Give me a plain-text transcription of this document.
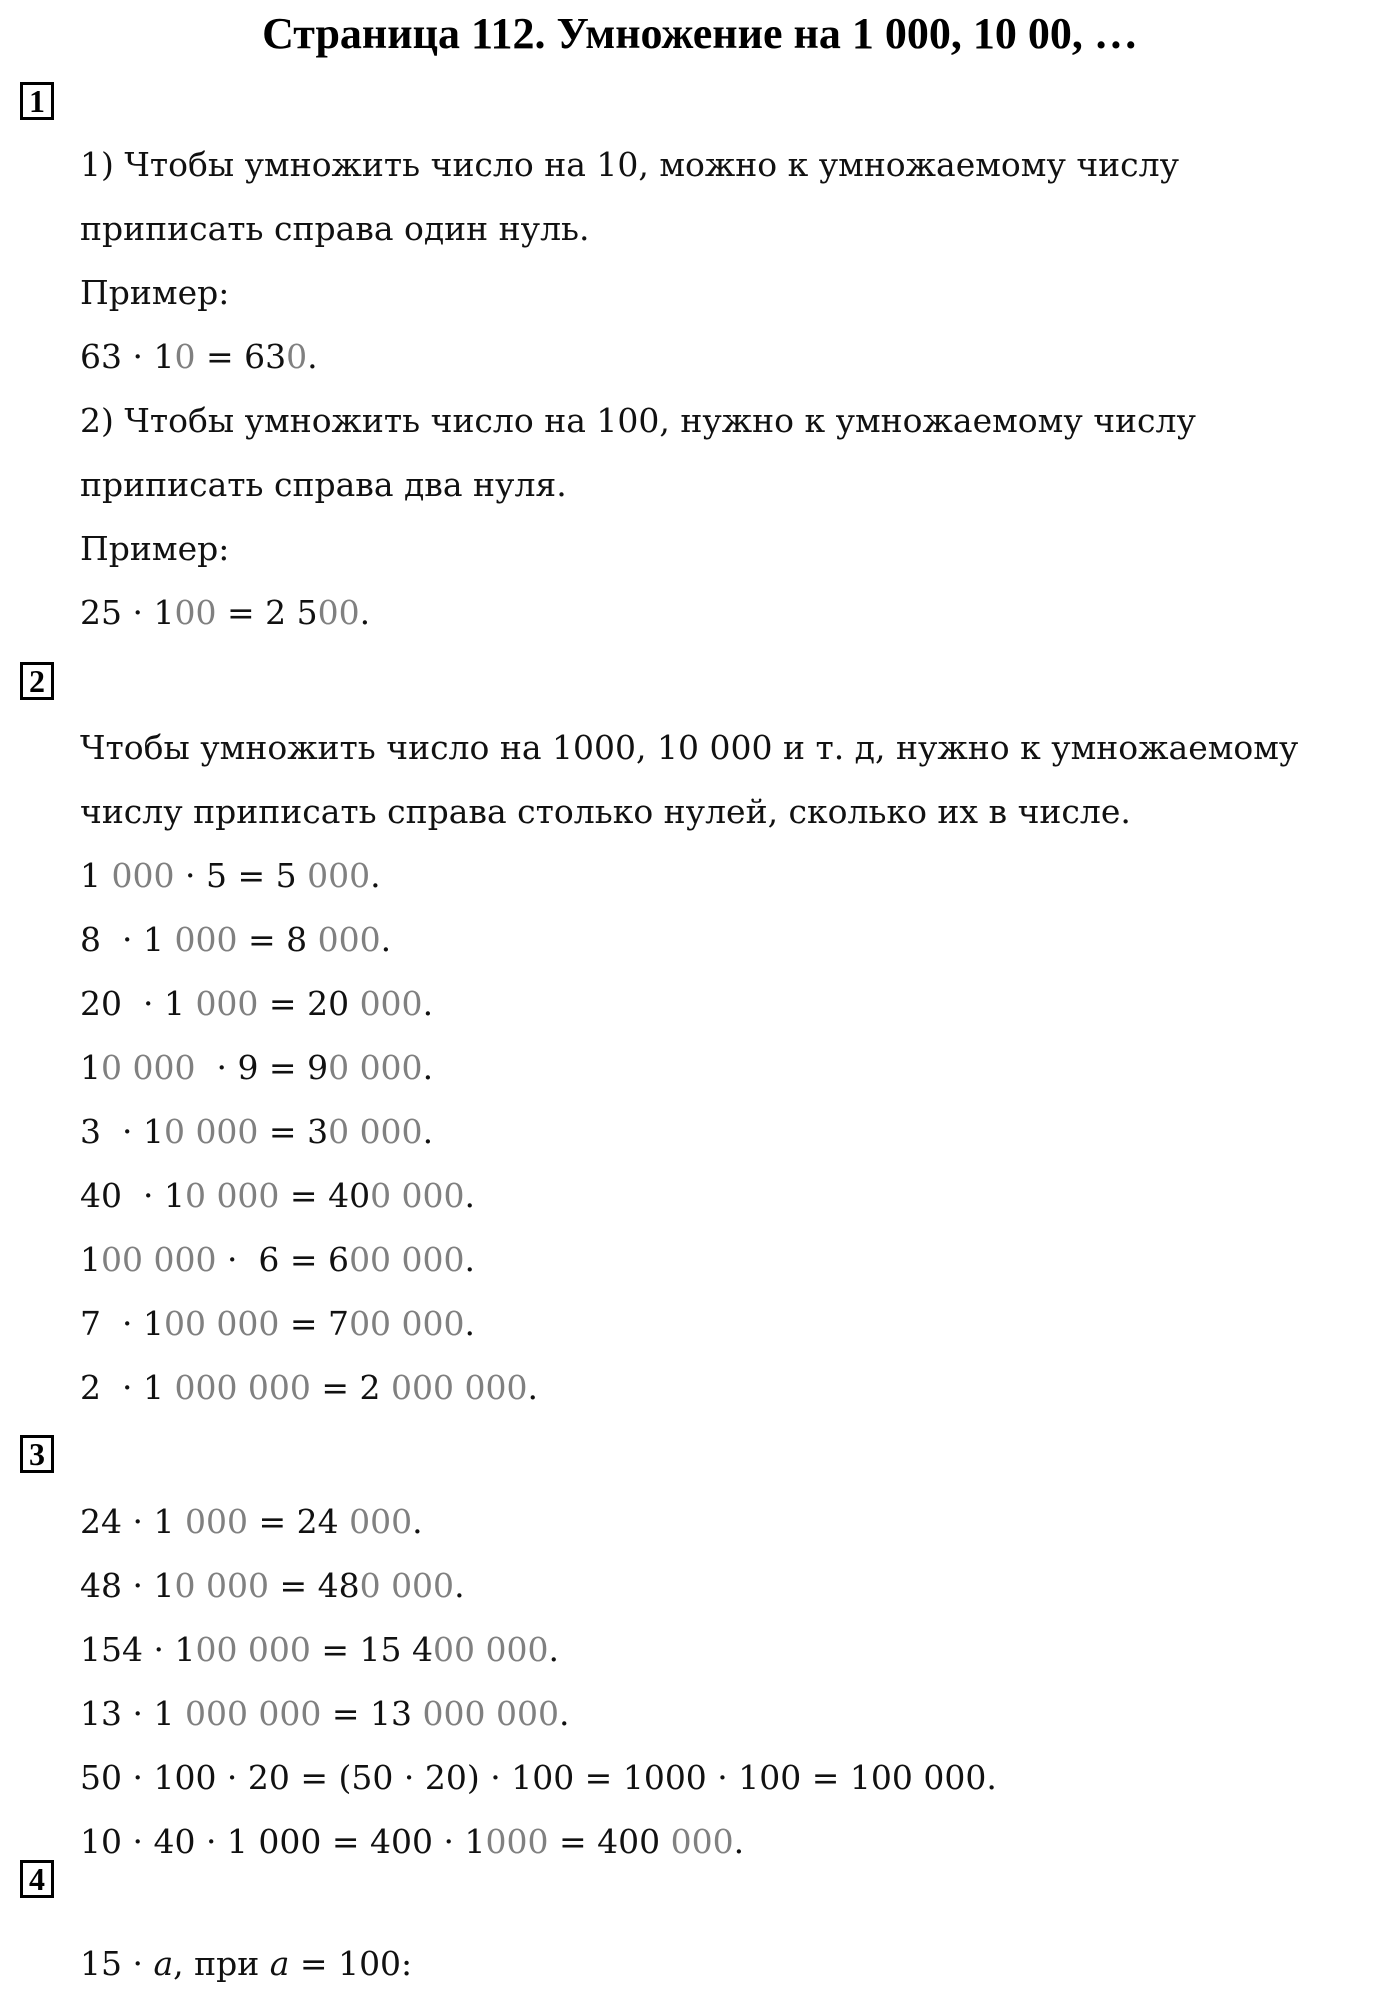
Страница 112. Умножение на 1 000, 10 00, …
1
1) Чтобы умножить число на 10, можно к умножаемому числу
приписать справа один нуль.
Пример:
63 · 10 = 630.
2) Чтобы умножить число на 100, нужно к умножаемому числу
приписать справа два нуля.
Пример:
25 · 100 = 2 500.
2
Чтобы умножить число на 1000, 10 000 и т. д, нужно к умножаемому
числу приписать справа столько нулей, сколько их в числе.
1 000 · 5 = 5 000.
8  · 1 000 = 8 000.
20  · 1 000 = 20 000.
10 000  · 9 = 90 000.
3  · 10 000 = 30 000.
40  · 10 000 = 400 000.
100 000 ·  6 = 600 000.
7  · 100 000 = 700 000.
2  · 1 000 000 = 2 000 000.
3
24 · 1 000 = 24 000.
48 · 10 000 = 480 000.
154 · 100 000 = 15 400 000.
13 · 1 000 000 = 13 000 000.
50 · 100 · 20 = (50 · 20) · 100 = 1000 · 100 = 100 000.
10 · 40 · 1 000 = 400 · 1000 = 400 000.
4
15 · a, при a = 100:
